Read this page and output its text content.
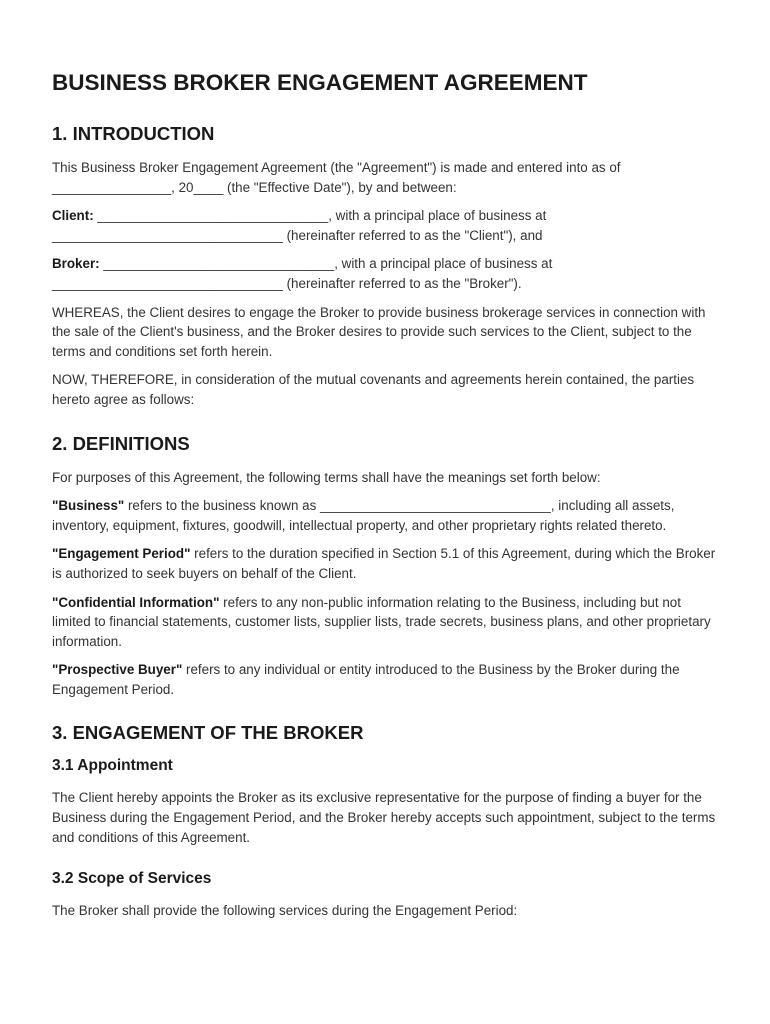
BUSINESS BROKER ENGAGEMENT AGREEMENT
1. INTRODUCTION

This Business Broker Engagement Agreement (the "Agreement") is made and entered into as of ________________, 20____ (the "Effective Date"), by and between:

Client: _______________________________, with a principal place of business at _______________________________ (hereinafter referred to as the "Client"), and

Broker: _______________________________, with a principal place of business at _______________________________ (hereinafter referred to as the "Broker").

WHEREAS, the Client desires to engage the Broker to provide business brokerage services in connection with the sale of the Client's business, and the Broker desires to provide such services to the Client, subject to the terms and conditions set forth herein.

NOW, THEREFORE, in consideration of the mutual covenants and agreements herein contained, the parties hereto agree as follows:

2. DEFINITIONS

For purposes of this Agreement, the following terms shall have the meanings set forth below:

"Business" refers to the business known as _______________________________, including all assets, inventory, equipment, fixtures, goodwill, intellectual property, and other proprietary rights related thereto.

"Engagement Period" refers to the duration specified in Section 5.1 of this Agreement, during which the Broker is authorized to seek buyers on behalf of the Client.

"Confidential Information" refers to any non-public information relating to the Business, including but not limited to financial statements, customer lists, supplier lists, trade secrets, business plans, and other proprietary information.

"Prospective Buyer" refers to any individual or entity introduced to the Business by the Broker during the Engagement Period.

3. ENGAGEMENT OF THE BROKER
3.1 Appointment

The Client hereby appoints the Broker as its exclusive representative for the purpose of finding a buyer for the Business during the Engagement Period, and the Broker hereby accepts such appointment, subject to the terms and conditions of this Agreement.

3.2 Scope of Services

The Broker shall provide the following services during the Engagement Period:
